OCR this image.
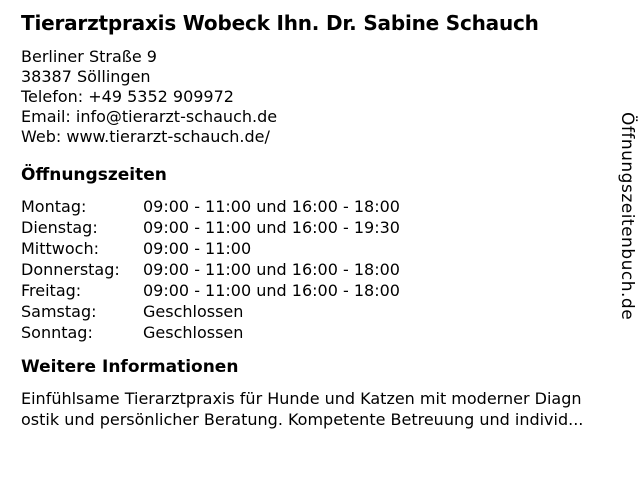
Tierarztpraxis Wobeck Ihn. Dr. Sabine Schauch
Berliner Straße 9
38387 Söllingen
Telefon: +49 5352 909972
Email: info@tierarzt-schauch.de
Web: www.tierarzt-schauch.de/
Öffnungszeiten
Montag:	09:00 - 11:00 und 16:00 - 18:00
Dienstag:	09:00 - 11:00 und 16:00 - 19:30
Mittwoch:	09:00 - 11:00
Donnerstag:	09:00 - 11:00 und 16:00 - 18:00
Freitag:	09:00 - 11:00 und 16:00 - 18:00
Samstag:	Geschlossen
Sonntag:	Geschlossen
Weitere Informationen
Einfühlsame Tierarztpraxis für Hunde und Katzen mit moderner Diagn
ostik und persönlicher Beratung. Kompetente Betreuung und individ...
Öffnungszeitenbuch.de
